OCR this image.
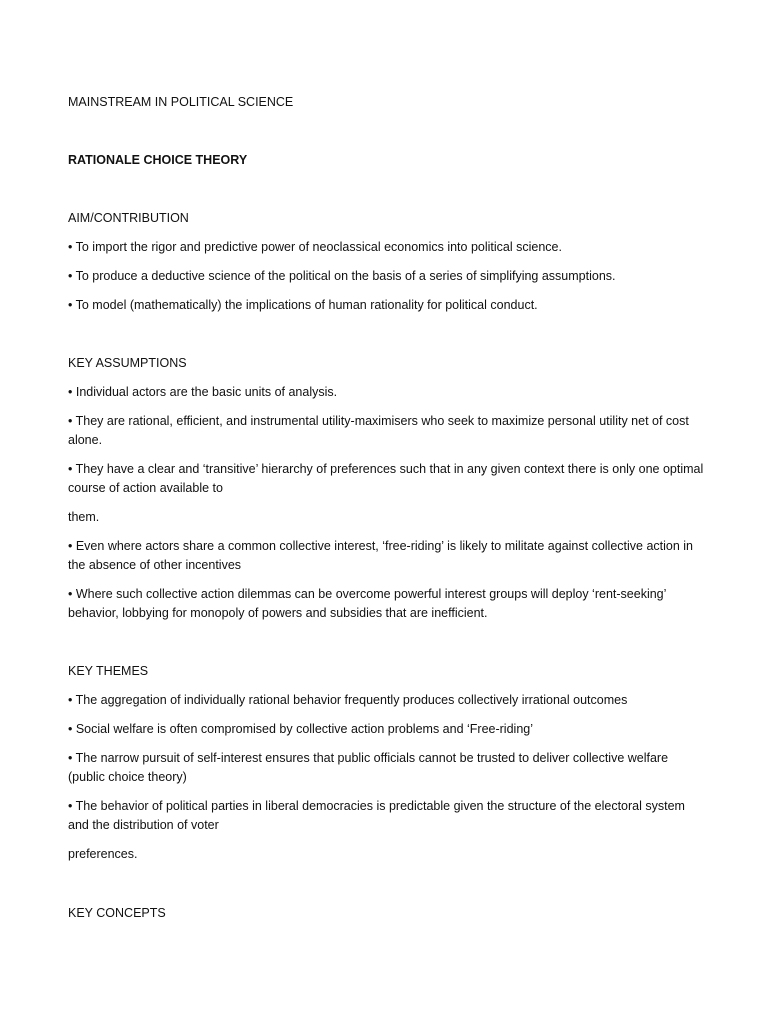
MAINSTREAM IN POLITICAL SCIENCE
RATIONALE CHOICE THEORY
AIM/CONTRIBUTION
• To import the rigor and predictive power of neoclassical economics into political science.
• To produce a deductive science of the political on the basis of a series of simplifying assumptions.
• To model (mathematically) the implications of human rationality for political conduct.
KEY ASSUMPTIONS
• Individual actors are the basic units of analysis.
• They are rational, efficient, and instrumental utility-maximisers who seek to maximize personal utility net of cost alone.
• They have a clear and ‘transitive’ hierarchy of preferences such that in any given context there is only one optimal course of action available to
them.
• Even where actors share a common collective interest, ‘free-riding’ is likely to militate against collective action in the absence of other incentives
• Where such collective action dilemmas can be overcome powerful interest groups will deploy ‘rent-seeking’ behavior, lobbying for monopoly of powers and subsidies that are inefficient.
KEY THEMES
• The aggregation of individually rational behavior frequently produces collectively irrational outcomes
• Social welfare is often compromised by collective action problems and ‘Free-riding’
• The narrow pursuit of self-interest ensures that public officials cannot be trusted to deliver collective welfare (public choice theory)
• The behavior of political parties in liberal democracies is predictable given the structure of the electoral system and the distribution of voter
preferences.
KEY CONCEPTS
